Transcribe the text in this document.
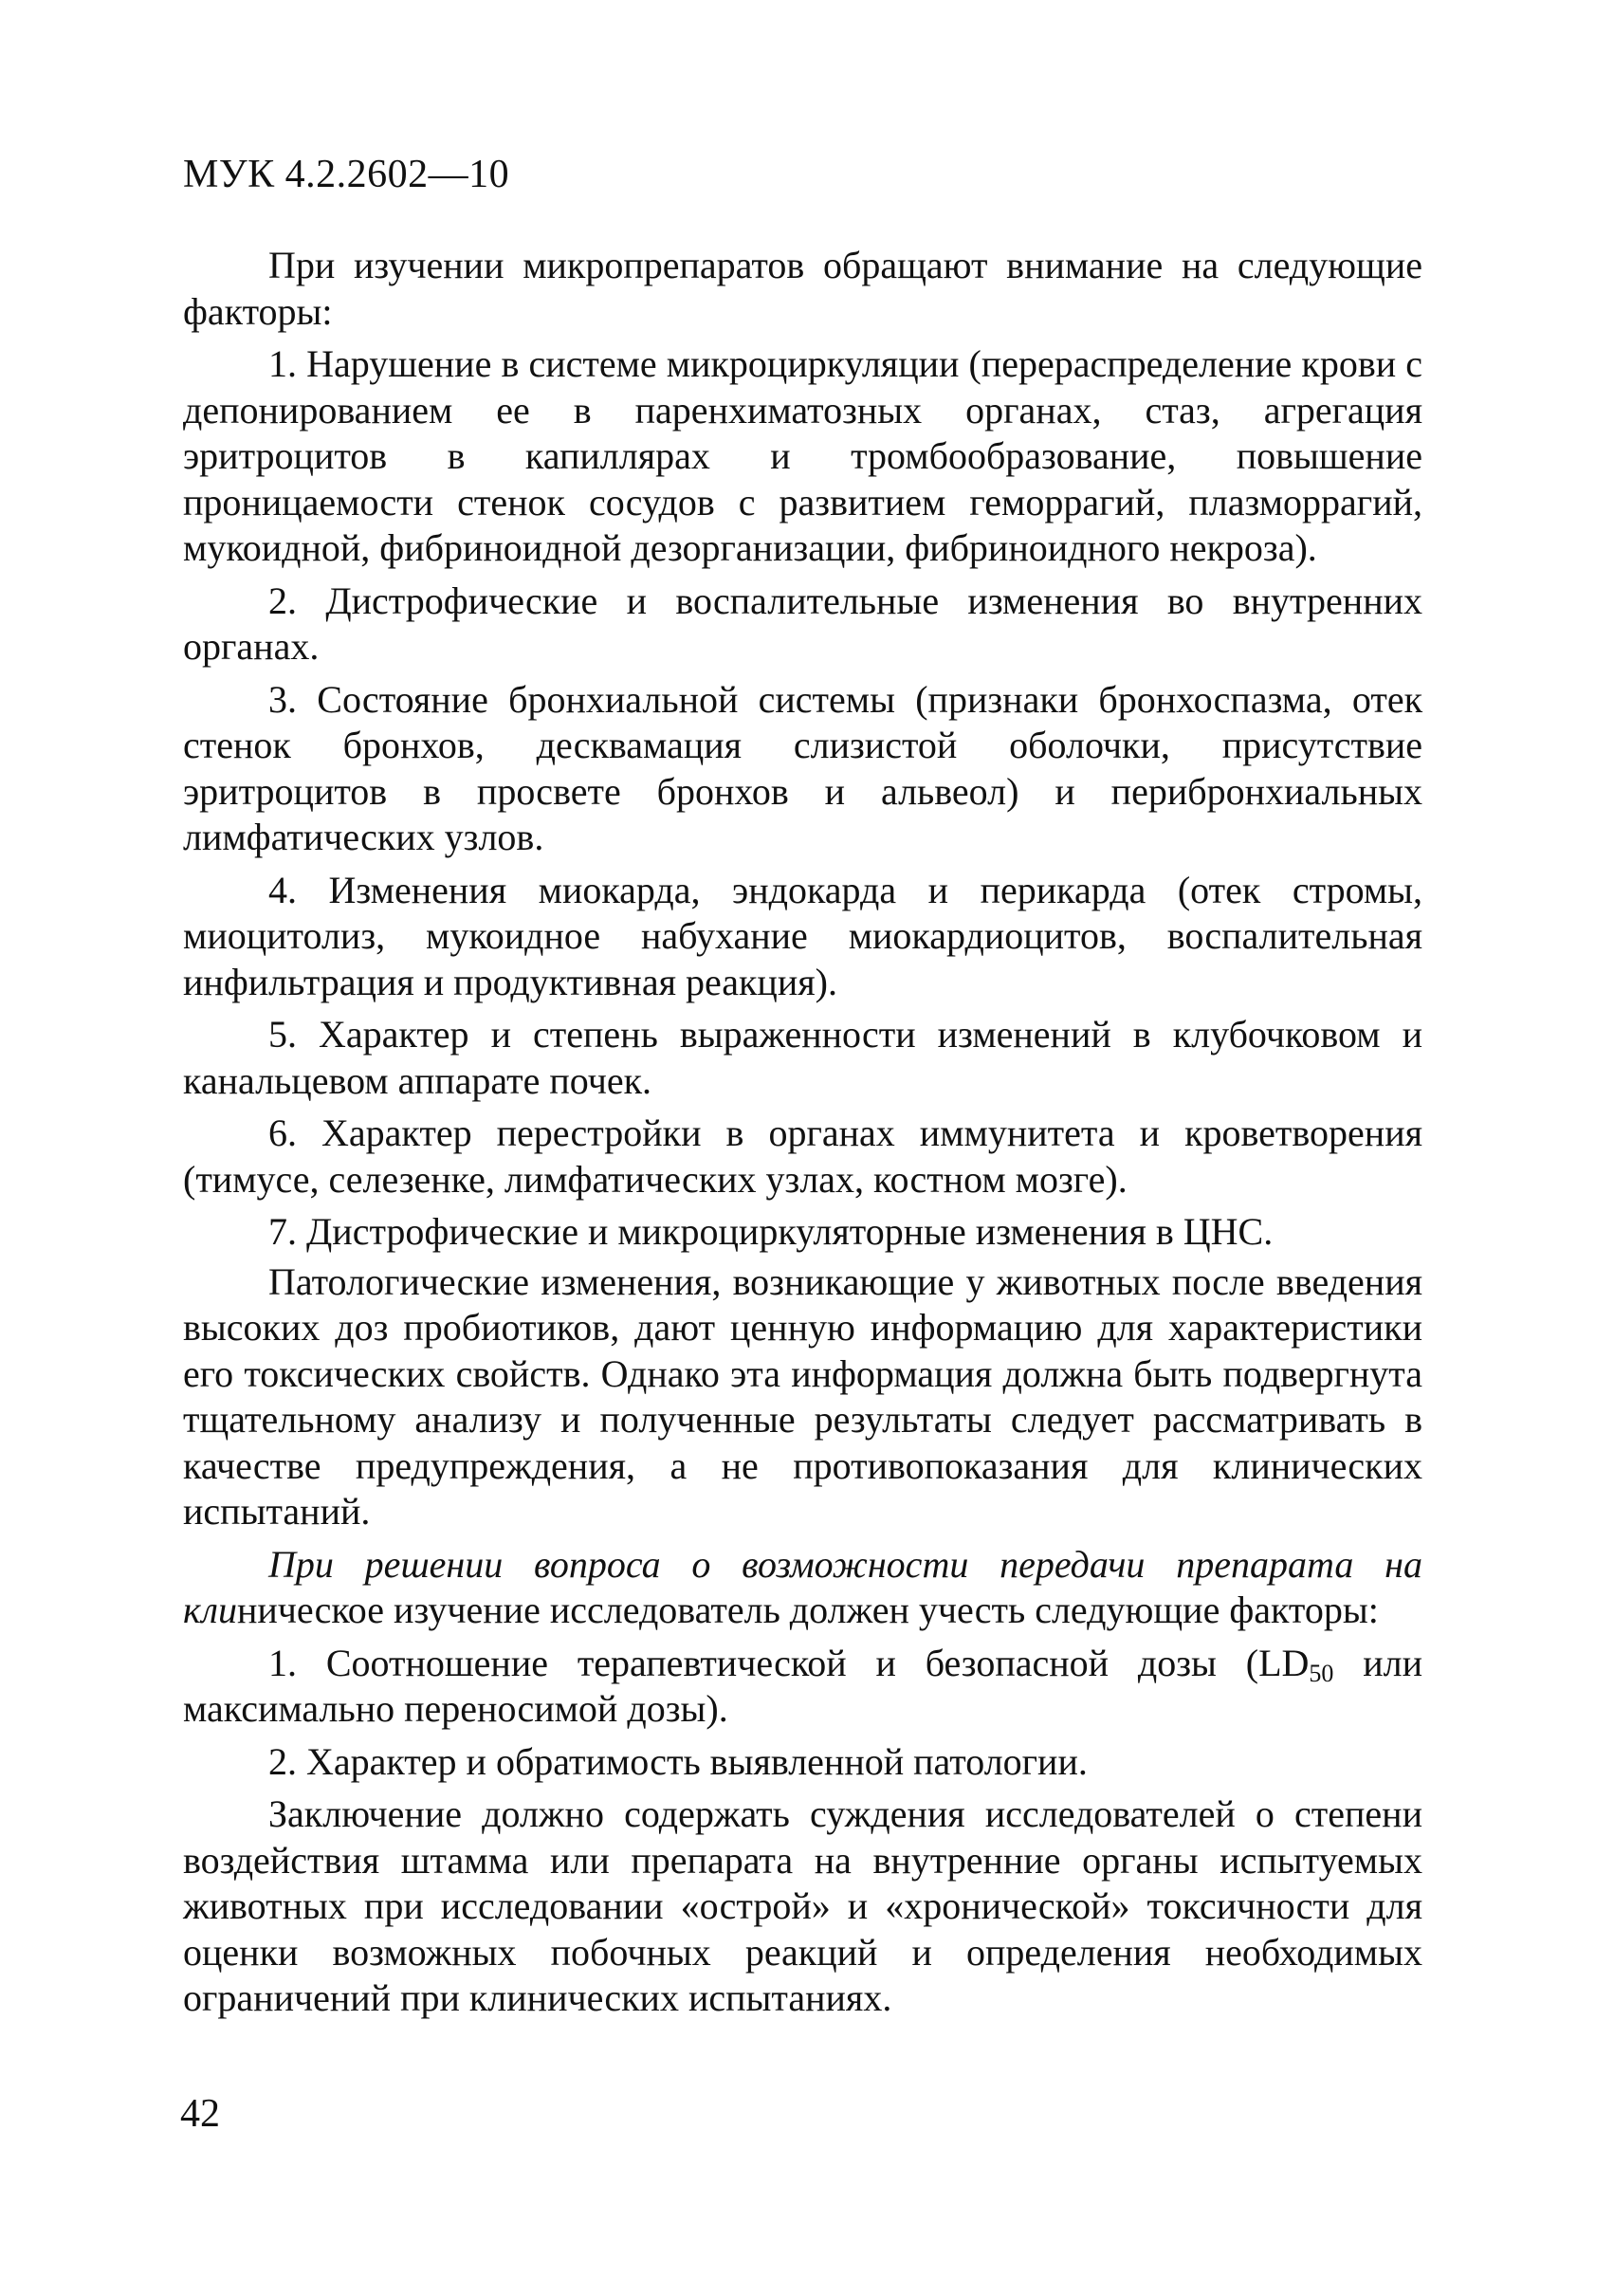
МУК 4.2.2602—10

При изучении микропрепаратов обращают внимание на следующие факторы:

1. Нарушение в системе микроциркуляции (перераспределение крови с депонированием ее в паренхиматозных органах, стаз, агрегация эритроцитов в капиллярах и тромбообразование, повышение проницаемости стенок сосудов с развитием геморрагий, плазморрагий, мукоидной, фибриноидной дезорганизации, фибриноидного некроза).

2. Дистрофические и воспалительные изменения во внутренних органах.

3. Состояние бронхиальной системы (признаки бронхоспазма, отек стенок бронхов, десквамация слизистой оболочки, присутствие эритроцитов в просвете бронхов и альвеол) и перибронхиальных лимфатических узлов.

4. Изменения миокарда, эндокарда и перикарда (отек стромы, миоцитолиз, мукоидное набухание миокардиоцитов, воспалительная инфильтрация и продуктивная реакция).

5. Характер и степень выраженности изменений в клубочковом и канальцевом аппарате почек.

6. Характер перестройки в органах иммунитета и кроветворения (тимусе, селезенке, лимфатических узлах, костном мозге).

7. Дистрофические и микроциркуляторные изменения в ЦНС.

Патологические изменения, возникающие у животных после введения высоких доз пробиотиков, дают ценную информацию для характеристики его токсических свойств. Однако эта информация должна быть подвергнута тщательному анализу и полученные результаты следует рассматривать в качестве предупреждения, а не противопоказания для клинических испытаний.

При решении вопроса о возможности передачи препарата на клиническое изучение исследователь должен учесть следующие факторы:

1. Соотношение терапевтической и безопасной дозы ($LD_{50}$ или максимально переносимой дозы).

2. Характер и обратимость выявленной патологии.

Заключение должно содержать суждения исследователей о степени воздействия штамма или препарата на внутренние органы испытуемых животных при исследовании «острой» и «хронической» токсичности для оценки возможных побочных реакций и определения необходимых ограничений при клинических испытаниях.

42
